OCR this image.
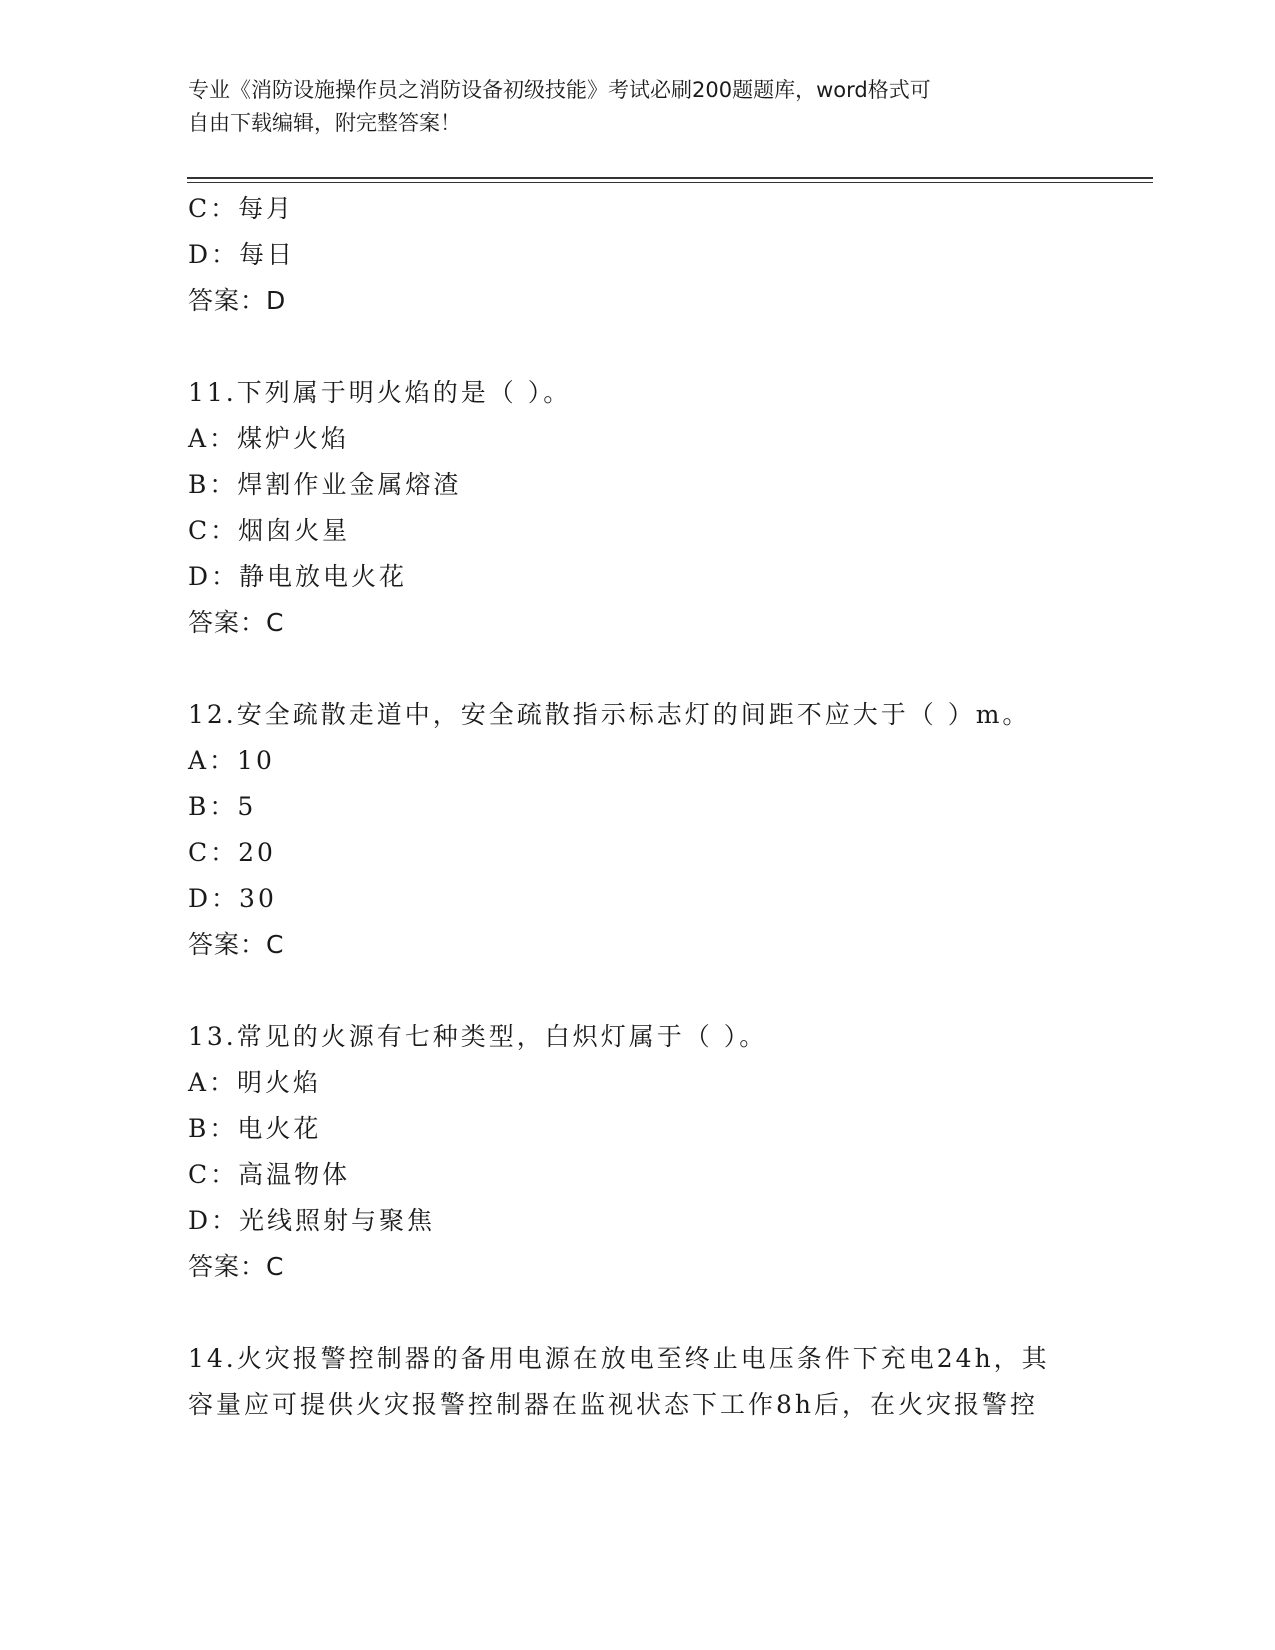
专业《消防设施操作员之消防设备初级技能》考试必刷200题题库，word格式可
自由下载编辑，附完整答案！
C：每月
D：每日
答案：D
11.下列属于明火焰的是（ ）。
A：煤炉火焰
B：焊割作业金属熔渣
C：烟囱火星
D：静电放电火花
答案：C
12.安全疏散走道中，安全疏散指示标志灯的间距不应大于（ ）m。
A：10
B：5
C：20
D：30
答案：C
13.常见的火源有七种类型，白炽灯属于（ ）。
A：明火焰
B：电火花
C：高温物体
D：光线照射与聚焦
答案：C
14.火灾报警控制器的备用电源在放电至终止电压条件下充电24h，其
容量应可提供火灾报警控制器在监视状态下工作8h后，在火灾报警控
